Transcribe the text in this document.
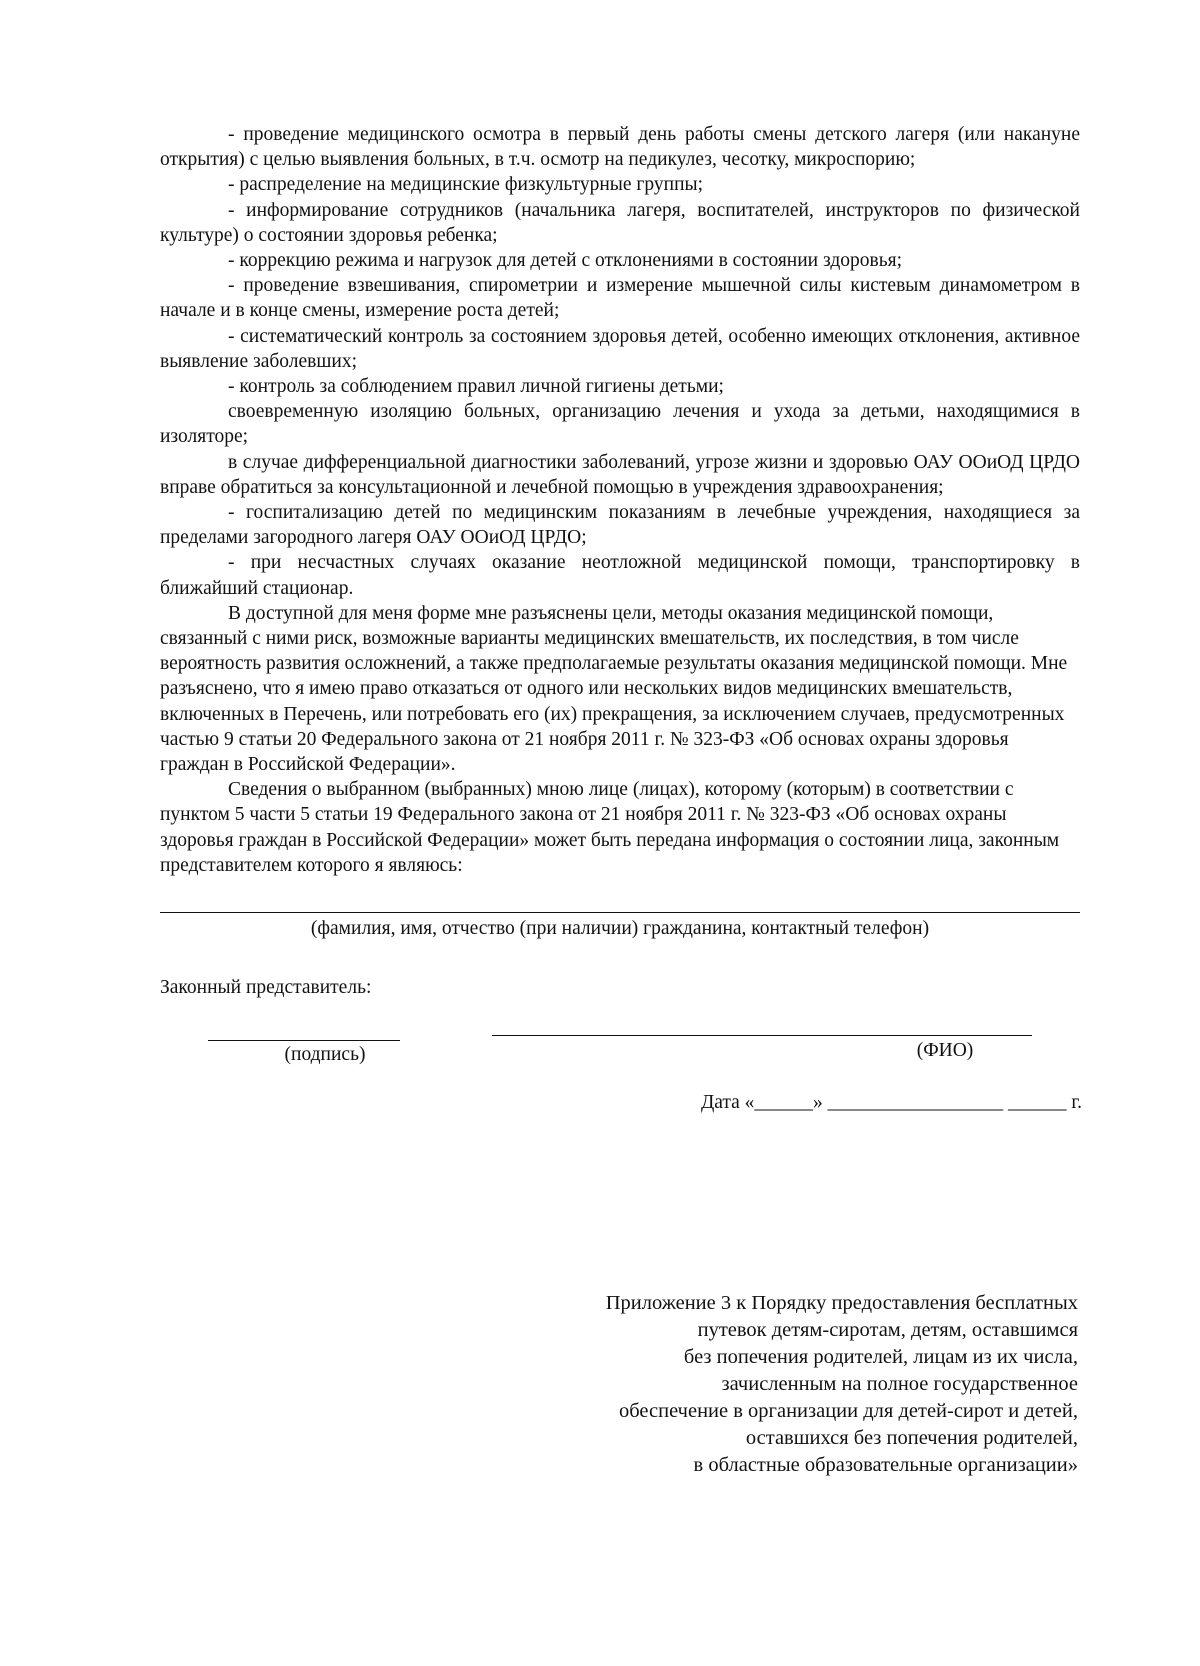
- проведение медицинского осмотра в первый день работы смены детского лагеря (или накануне открытия) с целью выявления больных, в т.ч. осмотр на педикулез, чесотку, микроспорию;

- распределение на медицинские физкультурные группы;

- информирование сотрудников (начальника лагеря, воспитателей, инструкторов по физической культуре) о состоянии здоровья ребенка;

- коррекцию режима и нагрузок для детей с отклонениями в состоянии здоровья;

- проведение взвешивания, спирометрии и измерение мышечной силы кистевым динамометром в начале и в конце смены, измерение роста детей;

- систематический контроль за состоянием здоровья детей, особенно имеющих отклонения, активное выявление заболевших;

- контроль за соблюдением правил личной гигиены детьми;

своевременную изоляцию больных, организацию лечения и ухода за детьми, находящимися в изоляторе;

в случае дифференциальной диагностики заболеваний, угрозе жизни и здоровью ОАУ ООиОД ЦРДО вправе обратиться за консультационной и лечебной помощью в учреждения здравоохранения;

- госпитализацию детей по медицинским показаниям в лечебные учреждения, находящиеся за пределами загородного лагеря ОАУ ООиОД ЦРДО;

- при несчастных случаях оказание неотложной медицинской помощи, транспортировку в ближайший стационар.

В доступной для меня форме мне разъяснены цели, методы оказания медицинской помощи, связанный с ними риск, возможные варианты медицинских вмешательств, их последствия, в том числе вероятность развития осложнений, а также предполагаемые результаты оказания медицинской помощи. Мне разъяснено, что я имею право отказаться от одного или нескольких видов медицинских вмешательств, включенных в Перечень, или потребовать его (их) прекращения, за исключением случаев, предусмотренных частью 9 статьи 20 Федерального закона от 21 ноября 2011 г. № 323-ФЗ «Об основах охраны здоровья граждан в Российской Федерации».

Сведения о выбранном (выбранных) мною лице (лицах), которому (которым) в соответствии с пунктом 5 части 5 статьи 19 Федерального закона от 21 ноября 2011 г. № 323-ФЗ «Об основах охраны здоровья граждан в Российской Федерации» может быть передана информация о состоянии лица, законным представителем которого я являюсь:

(фамилия, имя, отчество (при наличии) гражданина, контактный телефон)
Законный представитель:
(подпись)	(ФИО)
Дата «______» __________________ ______ г.
Приложение 3 к Порядку предоставления бесплатных
путевок детям-сиротам, детям, оставшимся
без попечения родителей, лицам из их числа,
зачисленным на полное государственное
обеспечение в организации для детей-сирот и детей,
оставшихся без попечения родителей,
в областные образовательные организации»
